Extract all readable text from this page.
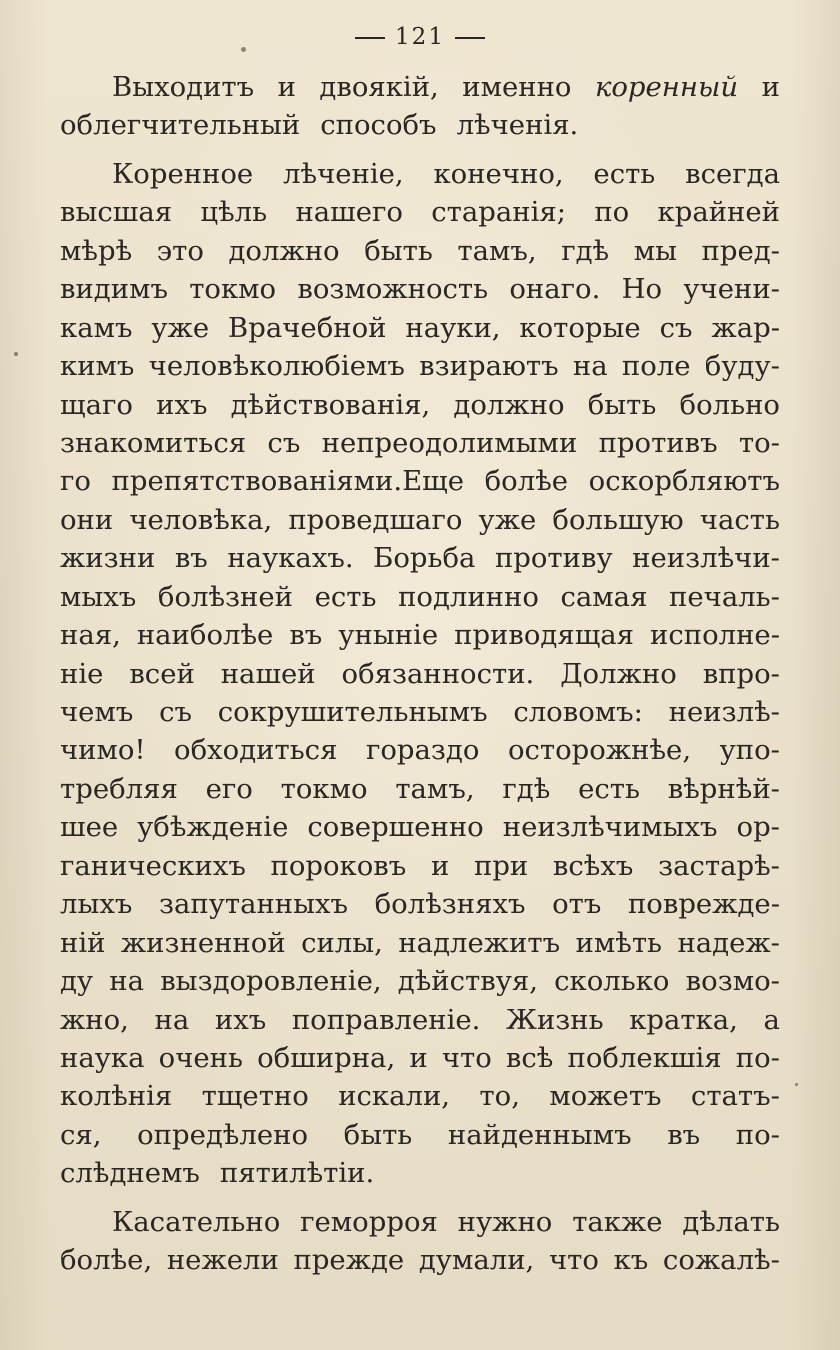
121
Выходитъ и двоякій, именно коренный и
облегчительный способъ лѣченія.
Коренное лѣченіе, конечно, есть всегда
высшая цѣль нашего старанія; по крайней
мѣрѣ это должно быть тамъ, гдѣ мы пред-
видимъ токмо возможность онаго. Но учени-
камъ уже Врачебной науки, которые съ жар-
кимъ человѣколюбіемъ взираютъ на поле буду-
щаго ихъ дѣйствованія, должно быть больно
знакомиться съ непреодолимыми противъ то-
го препятствованіями.Еще болѣе оскорбляютъ
они человѣка, проведшаго уже большую часть
жизни въ наукахъ. Борьба противу неизлѣчи-
мыхъ болѣзней есть подлинно самая печаль-
ная, наиболѣе въ уныніе приводящая исполне-
ніе всей нашей обязанности. Должно впро-
чемъ съ сокрушительнымъ словомъ: неизлѣ-
чимо! обходиться гораздо осторожнѣе, упо-
требляя его токмо тамъ, гдѣ есть вѣрнѣй-
шее убѣжденіе совершенно неизлѣчимыхъ ор-
ганическихъ пороковъ и при всѣхъ застарѣ-
лыхъ запутанныхъ болѣзняхъ отъ поврежде-
ній жизненной силы, надлежитъ имѣть надеж-
ду на выздоровленіе, дѣйствуя, сколько возмо-
жно, на ихъ поправленіе. Жизнь кратка, а
наука очень обширна, и что всѣ поблекшія по-
колѣнія тщетно искали, то, можетъ статъ-
ся, опредѣлено быть найденнымъ въ по-
слѣднемъ пятилѣтіи.
Касательно геморроя нужно также дѣлать
болѣе, нежели прежде думали, что къ сожалѣ-
